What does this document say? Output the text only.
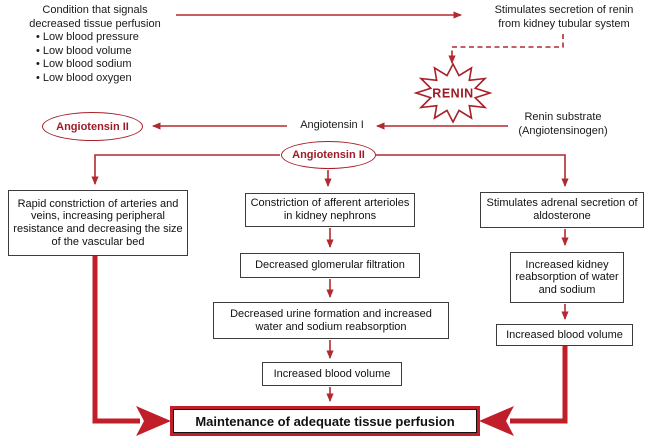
RENIN
Condition that signals
decreased tissue perfusion
• Low blood pressure
• Low blood volume
• Low blood sodium
• Low blood oxygen
Stimulates secretion of renin
from kidney tubular system
Renin substrate
(Angiotensinogen)
Angiotensin I
Angiotensin II
Angiotensin II
Rapid constriction of arteries and veins, increasing peripheral resistance and decreasing the size of the vascular bed
Constriction of afferent arterioles in kidney nephrons
Decreased glomerular filtration
Decreased urine formation and increased water and sodium reabsorption
Increased blood volume
Stimulates adrenal secretion of aldosterone
Increased kidney reabsorption of water and sodium
Increased blood volume
Maintenance of adequate tissue perfusion
